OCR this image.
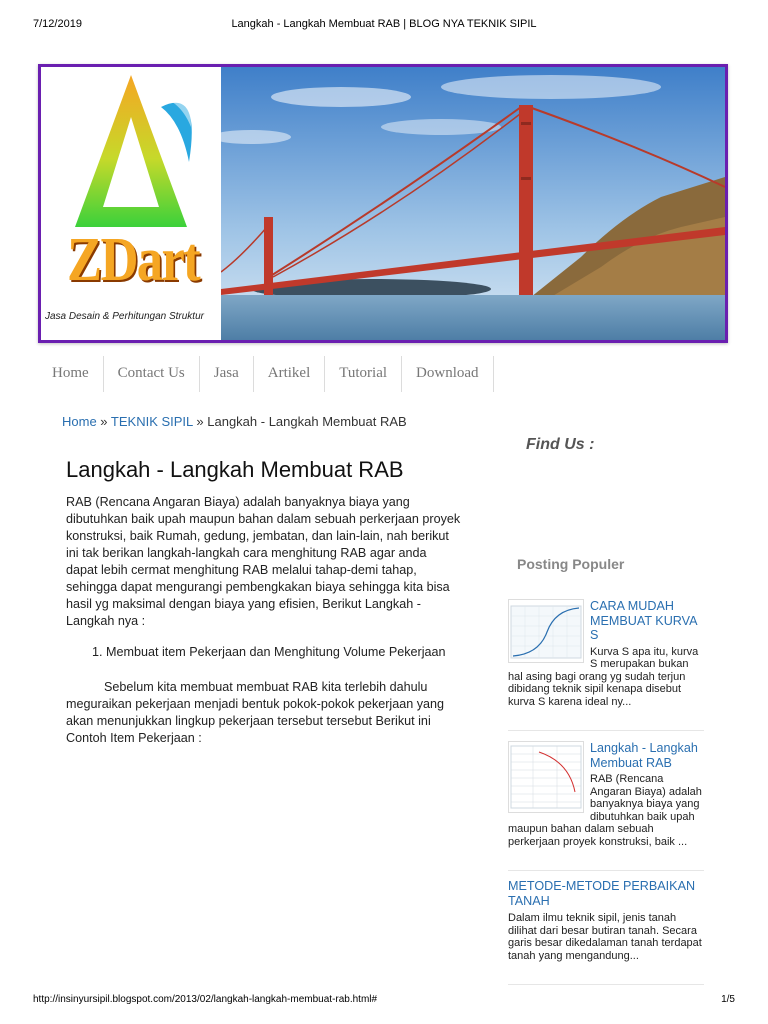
7/12/2019	Langkah - Langkah Membuat RAB | BLOG NYA TEKNIK SIPIL
ZDart
Jasa Desain & Perhitungan Struktur
Home	Contact Us	Jasa	Artikel	Tutorial	Download
Home » TEKNIK SIPIL » Langkah - Langkah Membuat RAB
Langkah - Langkah Membuat RAB

RAB (Rencana Angaran Biaya) adalah banyaknya biaya yang dibutuhkan baik upah maupun bahan dalam sebuah perkerjaan proyek konstruksi, baik Rumah, gedung, jembatan, dan lain-lain, nah berikut ini tak berikan langkah-langkah cara menghitung RAB agar anda dapat lebih cermat menghitung RAB melalui tahap-demi tahap, sehingga dapat mengurangi pembengkakan biaya sehingga kita bisa hasil yg maksimal dengan biaya yang efisien, Berikut Langkah - Langkah nya :

1. Membuat item Pekerjaan dan Menghitung Volume Pekerjaan

Sebelum kita membuat membuat RAB kita terlebih dahulu meguraikan pekerjaan menjadi bentuk pokok-pokok pekerjaan yang akan menunjukkan lingkup pekerjaan tersebut tersebut Berikut ini Contoh Item Pekerjaan :

Find Us :
Posting Populer
CARA MUDAH MEMBUAT KURVA S
Kurva S apa itu, kurva S merupakan bukan hal asing bagi orang yg sudah terjun dibidang teknik sipil kenapa disebut kurva S karena ideal ny...
Langkah - Langkah Membuat RAB
RAB (Rencana Angaran Biaya) adalah banyaknya biaya yang dibutuhkan baik upah maupun bahan dalam sebuah perkerjaan proyek konstruksi, baik ...
METODE-METODE PERBAIKAN TANAH
Dalam ilmu teknik sipil, jenis tanah dilihat dari besar butiran tanah. Secara garis besar dikedalaman tanah terdapat tanah yang mengandung...
http://insinyursipil.blogspot.com/2013/02/langkah-langkah-membuat-rab.html#	1/5
